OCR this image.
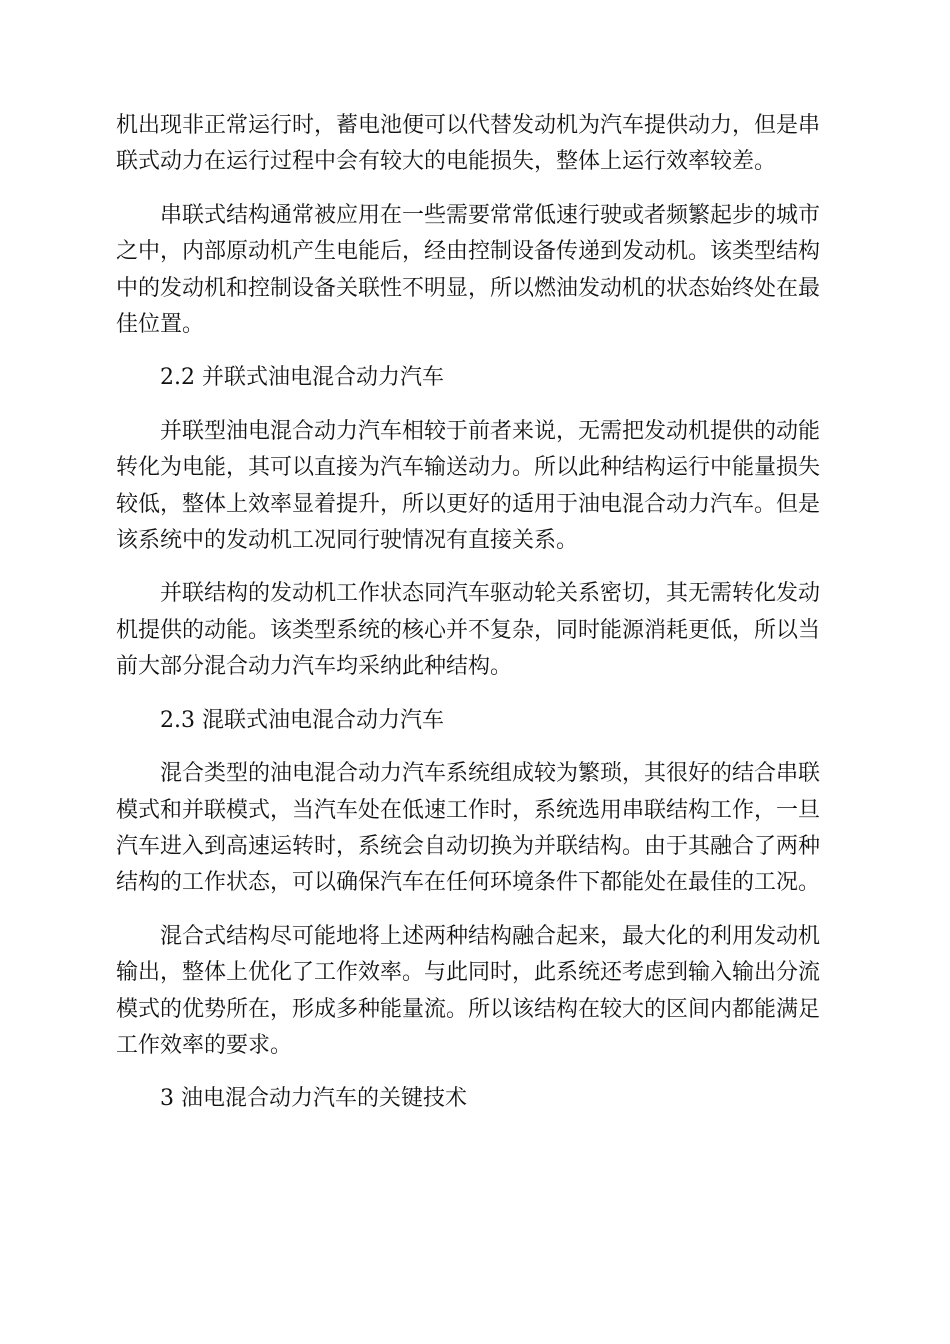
机出现非正常运行时，蓄电池便可以代替发动机为汽车提供动力，但是串
联式动力在运行过程中会有较大的电能损失，整体上运行效率较差。

串联式结构通常被应用在一些需要常常低速行驶或者频繁起步的城市
之中，内部原动机产生电能后，经由控制设备传递到发动机。该类型结构
中的发动机和控制设备关联性不明显，所以燃油发动机的状态始终处在最
佳位置。

2.2 并联式油电混合动力汽车

并联型油电混合动力汽车相较于前者来说，无需把发动机提供的动能
转化为电能，其可以直接为汽车输送动力。所以此种结构运行中能量损失
较低，整体上效率显着提升，所以更好的适用于油电混合动力汽车。但是
该系统中的发动机工况同行驶情况有直接关系。

并联结构的发动机工作状态同汽车驱动轮关系密切，其无需转化发动
机提供的动能。该类型系统的核心并不复杂，同时能源消耗更低，所以当
前大部分混合动力汽车均采纳此种结构。

2.3 混联式油电混合动力汽车

混合类型的油电混合动力汽车系统组成较为繁琐，其很好的结合串联
模式和并联模式，当汽车处在低速工作时，系统选用串联结构工作，一旦
汽车进入到高速运转时，系统会自动切换为并联结构。由于其融合了两种
结构的工作状态，可以确保汽车在任何环境条件下都能处在最佳的工况。

混合式结构尽可能地将上述两种结构融合起来，最大化的利用发动机
输出，整体上优化了工作效率。与此同时，此系统还考虑到输入输出分流
模式的优势所在，形成多种能量流。所以该结构在较大的区间内都能满足
工作效率的要求。

3 油电混合动力汽车的关键技术
